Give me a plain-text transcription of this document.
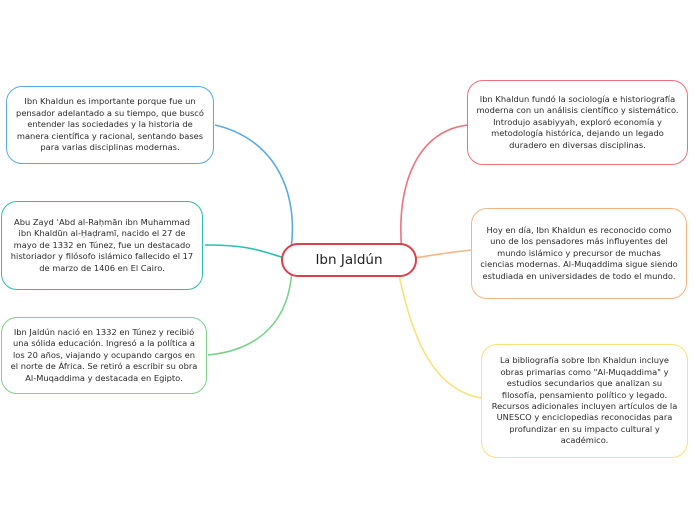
Ibn Jaldún
Ibn Khaldun es importante porque fue un pensador adelantado a su tiempo, que buscó entender las sociedades y la historia de manera científica y racional, sentando bases para varias disciplinas modernas.
Abu Zayd ʿAbd al-Raḥmān ibn Muhammad ibn Khaldūn al-Ḥaḍramī, nacido el 27 de mayo de 1332 en Túnez, fue un destacado historiador y filósofo islámico fallecido el 17 de marzo de 1406 en El Cairo.
Ibn Jaldún nació en 1332 en Túnez y recibió una sólida educación. Ingresó a la política a los 20 años, viajando y ocupando cargos en el norte de África. Se retiró a escribir su obra Al-Muqaddima y destacada en Egipto.
Ibn Khaldun fundó la sociología e historiografía moderna con un análisis científico y sistemático. Introdujo asabiyyah, exploró economía y metodología histórica, dejando un legado duradero en diversas disciplinas.
Hoy en día, Ibn Khaldun es reconocido como uno de los pensadores más influyentes del mundo islámico y precursor de muchas ciencias modernas. Al-Muqaddima sigue siendo estudiada en universidades de todo el mundo.
La bibliografía sobre Ibn Khaldun incluye obras primarias como "Al-Muqaddima" y estudios secundarios que analizan su filosofía, pensamiento político y legado. Recursos adicionales incluyen artículos de la UNESCO y enciclopedias reconocidas para profundizar en su impacto cultural y académico.
